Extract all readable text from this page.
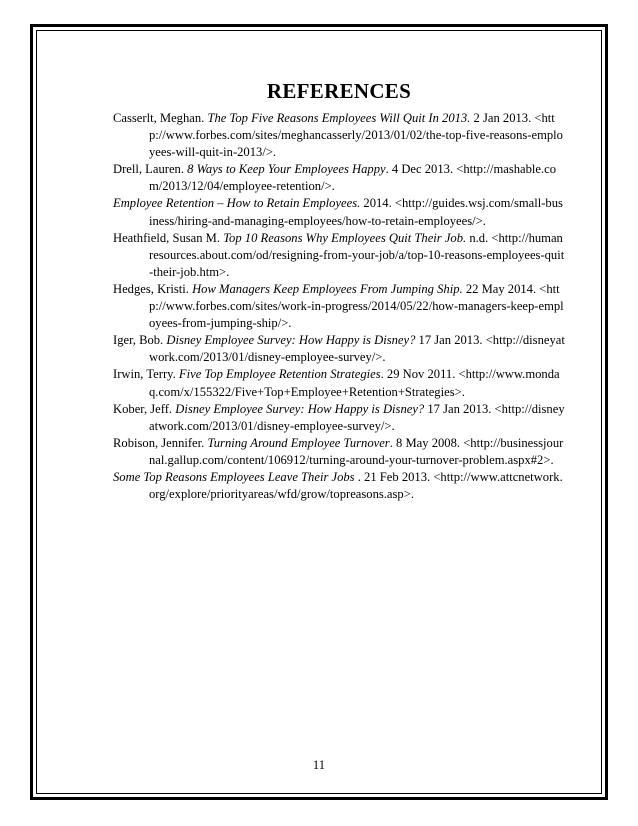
REFERENCES
Casserlt, Meghan. The Top Five Reasons Employees Will Quit In 2013. 2 Jan 2013. <http://www.forbes.com/sites/meghancasserly/2013/01/02/the-top-five-reasons-employees-will-quit-in-2013/>.
Drell, Lauren. 8 Ways to Keep Your Employees Happy. 4 Dec 2013. <http://mashable.com/2013/12/04/employee-retention/>.
Employee Retention – How to Retain Employees. 2014. <http://guides.wsj.com/small-business/hiring-and-managing-employees/how-to-retain-employees/>.
Heathfield, Susan M. Top 10 Reasons Why Employees Quit Their Job. n.d. <http://humanresources.about.com/od/resigning-from-your-job/a/top-10-reasons-employees-quit-their-job.htm>.
Hedges, Kristi. How Managers Keep Employees From Jumping Ship. 22 May 2014. <http://www.forbes.com/sites/work-in-progress/2014/05/22/how-managers-keep-employees-from-jumping-ship/>.
Iger, Bob. Disney Employee Survey: How Happy is Disney? 17 Jan 2013. <http://disneyatwork.com/2013/01/disney-employee-survey/>.
Irwin, Terry. Five Top Employee Retention Strategies. 29 Nov 2011. <http://www.mondaq.com/x/155322/Five+Top+Employee+Retention+Strategies>.
Kober, Jeff. Disney Employee Survey: How Happy is Disney? 17 Jan 2013. <http://disneyatwork.com/2013/01/disney-employee-survey/>.
Robison, Jennifer. Turning Around Employee Turnover. 8 May 2008. <http://businessjournal.gallup.com/content/106912/turning-around-your-turnover-problem.aspx#2>.
Some Top Reasons Employees Leave Their Jobs . 21 Feb 2013. <http://www.attcnetwork.org/explore/priorityareas/wfd/grow/topreasons.asp>.
11
